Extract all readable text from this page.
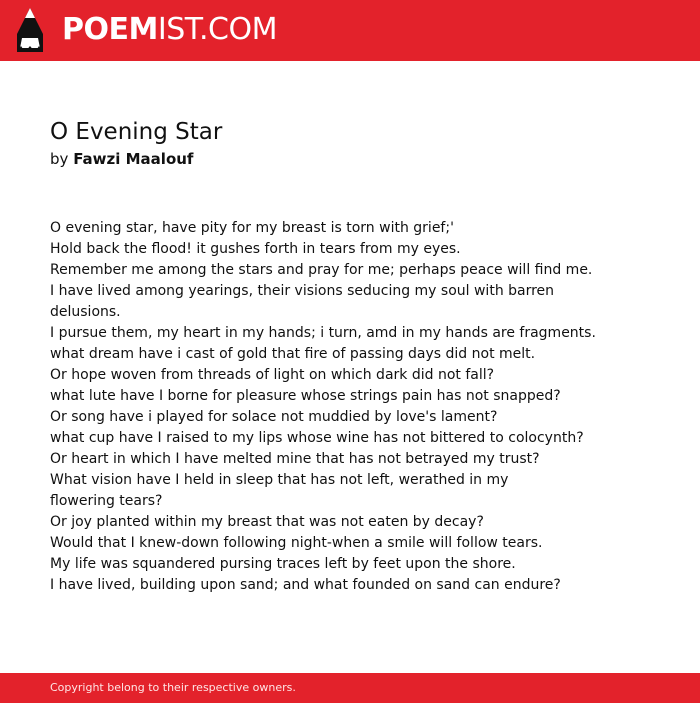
POEMIST.COM
O Evening Star
by Fawzi Maalouf
O evening star, have pity for my breast is torn with grief;'
Hold back the flood! it gushes forth in tears from my eyes.
Remember me among the stars and pray for me; perhaps peace will find me.
I have lived among yearings, their visions seducing my soul with barren
delusions.
I pursue them, my heart in my hands; i turn, amd in my hands are fragments.
what dream have i cast of gold that fire of passing days did not melt.
Or hope woven from threads of light on which dark did not fall?
what lute have I borne for pleasure whose strings pain has not snapped?
Or song have i played for solace not muddied by love's lament?
what cup have I raised to my lips whose wine has not bittered to colocynth?
Or heart in which I have melted mine that has not betrayed my trust?
What vision have I held in sleep that has not left, werathed in my
flowering tears?
Or joy planted within my breast that was not eaten by decay?
Would that I knew-down following night-when a smile will follow tears.
My life was squandered pursing traces left by feet upon the shore.
I have lived, building upon sand; and what founded on sand can endure?
Copyright belong to their respective owners.
